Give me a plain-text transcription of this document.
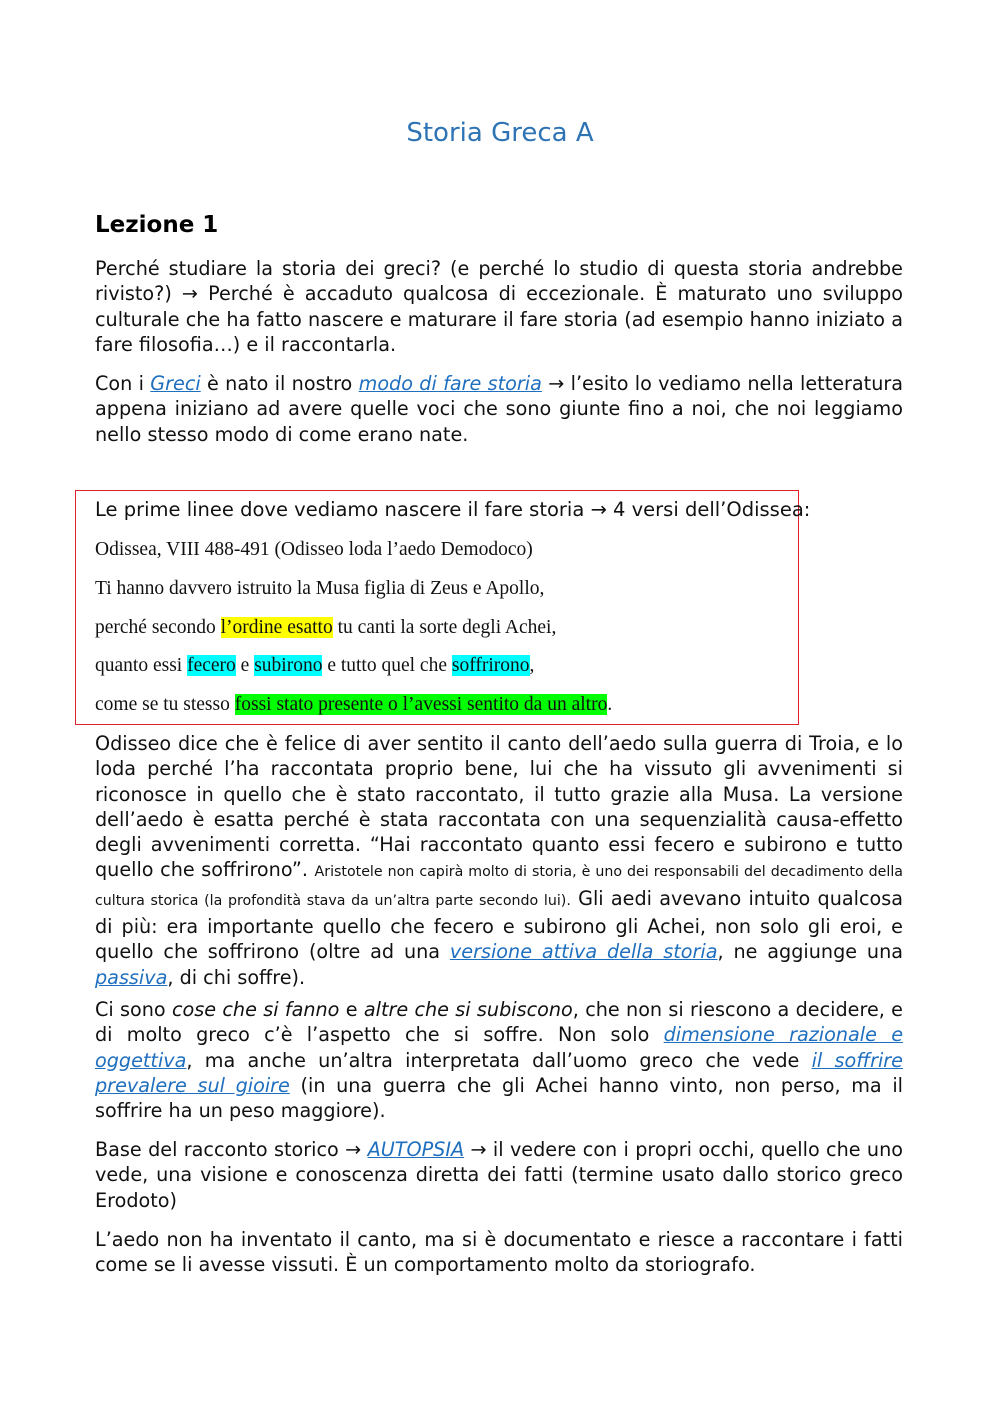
Storia Greca A
Lezione 1

Perché studiare la storia dei greci? (e perché lo studio di questa storia andrebbe rivisto?) → Perché è accaduto qualcosa di eccezionale. È maturato uno sviluppo culturale che ha fatto nascere e maturare il fare storia (ad esempio hanno iniziato a fare filosofia…) e il raccontarla.

Con i Greci è nato il nostro modo di fare storia → l’esito lo vediamo nella letteratura appena iniziano ad avere quelle voci che sono giunte fino a noi, che noi leggiamo nello stesso modo di come erano nate.

Le prime linee dove vediamo nascere il fare storia → 4 versi dell’Odissea:
Odissea, VIII 488-491 (Odisseo loda l’aedo Demodoco)
Ti hanno davvero istruito la Musa figlia di Zeus e Apollo,
perché secondo l’ordine esatto tu canti la sorte degli Achei,
quanto essi fecero e subirono e tutto quel che soffrirono,
come se tu stesso fossi stato presente o l’avessi sentito da un altro.

Odisseo dice che è felice di aver sentito il canto dell’aedo sulla guerra di Troia, e lo loda perché l’ha raccontata proprio bene, lui che ha vissuto gli avvenimenti si riconosce in quello che è stato raccontato, il tutto grazie alla Musa. La versione dell’aedo è esatta perché è stata raccontata con una sequenzialità causa-effetto degli avvenimenti corretta. “Hai raccontato quanto essi fecero e subirono e tutto quello che soffrirono”. Aristotele non capirà molto di storia, è uno dei responsabili del decadimento della cultura storica (la profondità stava da un’altra parte secondo lui). Gli aedi avevano intuito qualcosa di più: era importante quello che fecero e subirono gli Achei, non solo gli eroi, e quello che soffrirono (oltre ad una versione attiva della storia, ne aggiunge una passiva, di chi soffre).

Ci sono cose che si fanno e altre che si subiscono, che non si riescono a decidere, e di molto greco c’è l’aspetto che si soffre. Non solo dimensione razionale e oggettiva, ma anche un’altra interpretata dall’uomo greco che vede il soffrire prevalere sul gioire (in una guerra che gli Achei hanno vinto, non perso, ma il soffrire ha un peso maggiore).

Base del racconto storico → AUTOPSIA → il vedere con i propri occhi, quello che uno vede, una visione e conoscenza diretta dei fatti (termine usato dallo storico greco Erodoto)

L’aedo non ha inventato il canto, ma si è documentato e riesce a raccontare i fatti come se li avesse vissuti. È un comportamento molto da storiografo.
